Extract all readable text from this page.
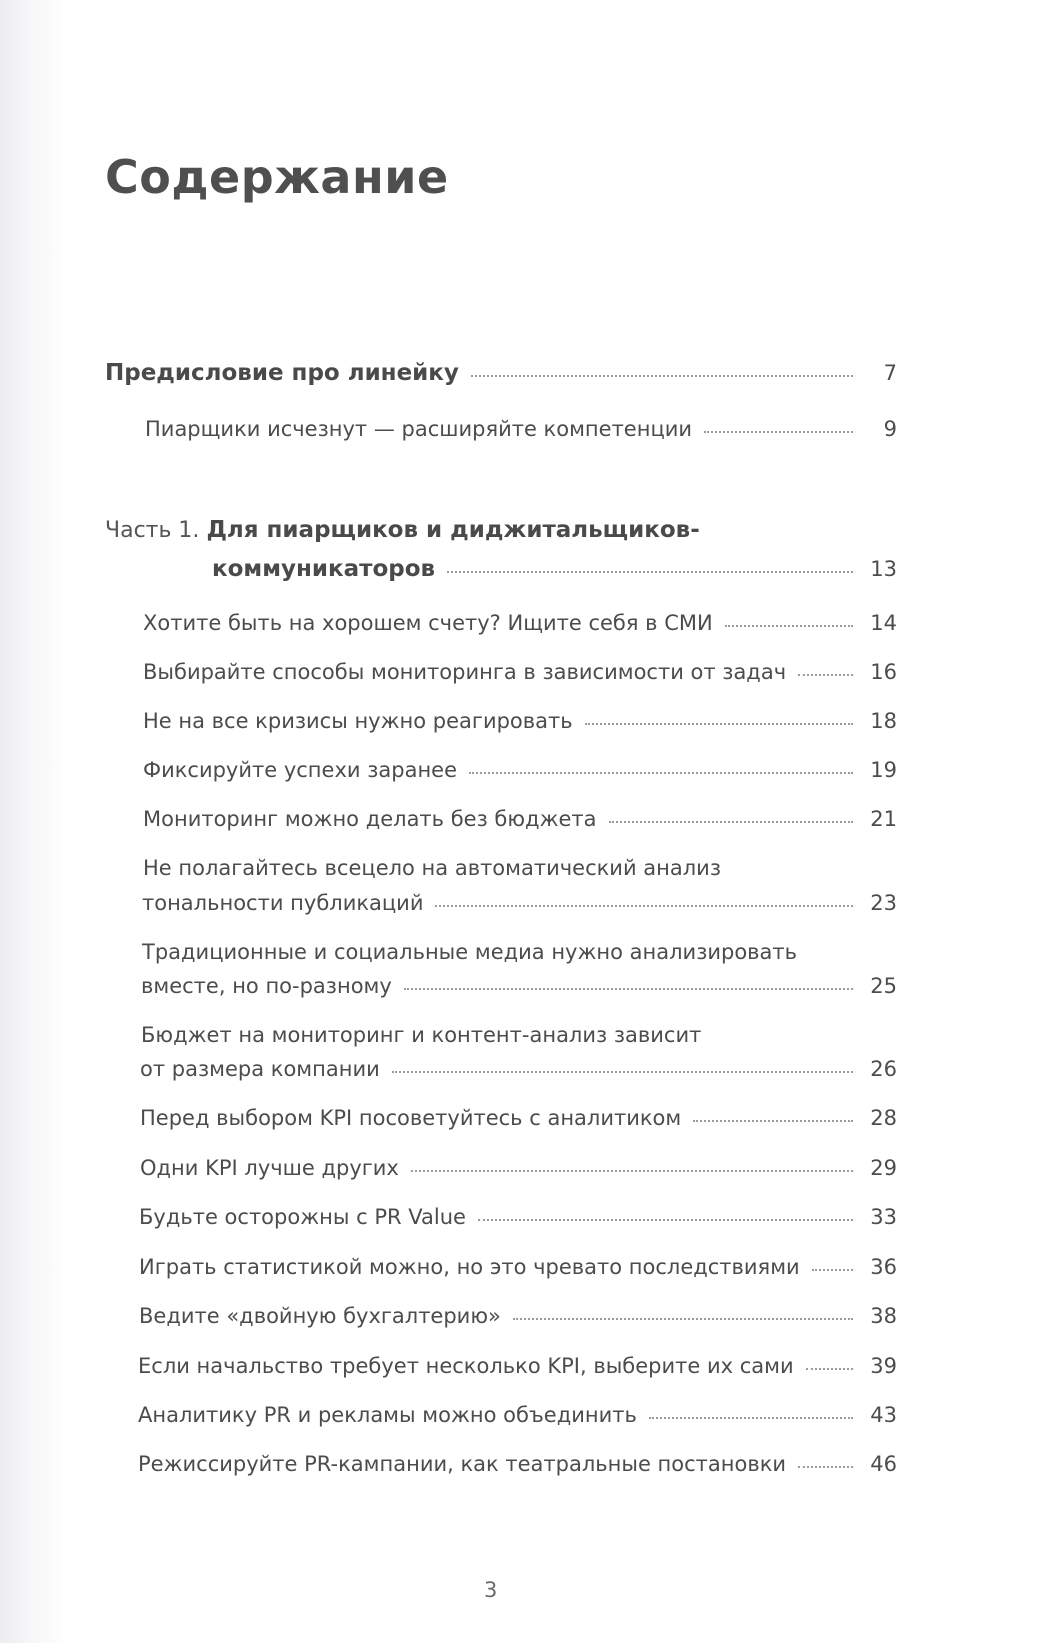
Содержание
Предисловие про линейку	7
Пиарщики исчезнут — расширяйте компетенции	9
Часть 1. Для пиарщиков и диджитальщиков-
коммуникаторов	13
Хотите быть на хорошем счету? Ищите себя в СМИ	14
Выбирайте способы мониторинга в зависимости от задач	16
Не на все кризисы нужно реагировать	18
Фиксируйте успехи заранее	19
Мониторинг можно делать без бюджета	21
Не полагайтесь всецело на автоматический анализ
тональности публикаций	23
Традиционные и социальные медиа нужно анализировать
вместе, но по-разному	25
Бюджет на мониторинг и контент-анализ зависит
от размера компании	26
Перед выбором KPI посоветуйтесь с аналитиком	28
Одни KPI лучше других	29
Будьте осторожны с PR Value	33
Играть статистикой можно, но это чревато последствиями	36
Ведите «двойную бухгалтерию»	38
Если начальство требует несколько KPI, выберите их сами	39
Аналитику PR и рекламы можно объединить	43
Режиссируйте PR-кампании, как театральные постановки	46
3
